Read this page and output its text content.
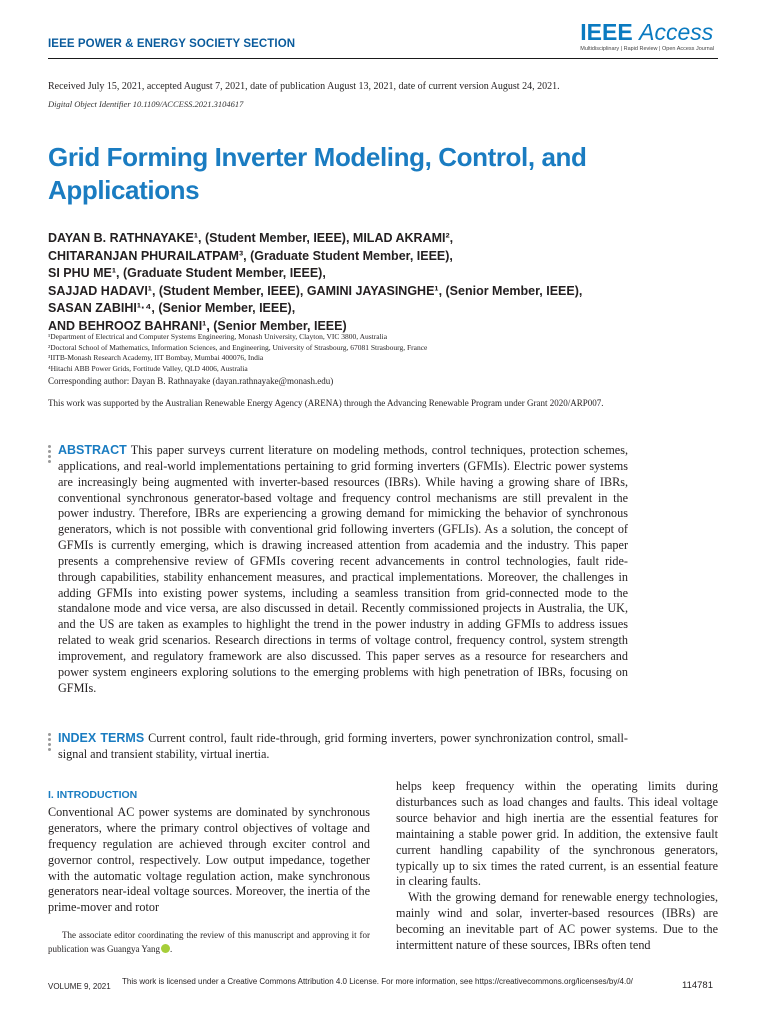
IEEE POWER & ENERGY SOCIETY SECTION	IEEE Access
Multidisciplinary | Rapid Review | Open Access Journal
Received July 15, 2021, accepted August 7, 2021, date of publication August 13, 2021, date of current version August 24, 2021.
Digital Object Identifier 10.1109/ACCESS.2021.3104617
Grid Forming Inverter Modeling, Control, and
Applications
DAYAN B. RATHNAYAKE¹, (Student Member, IEEE), MILAD AKRAMI²,
CHITARANJAN PHURAILATPAM³, (Graduate Student Member, IEEE),
SI PHU ME¹, (Graduate Student Member, IEEE),
SAJJAD HADAVI¹, (Student Member, IEEE), GAMINI JAYASINGHE¹, (Senior Member, IEEE),
SASAN ZABIHI¹·⁴, (Senior Member, IEEE),
AND BEHROOZ BAHRANI¹, (Senior Member, IEEE)
¹Department of Electrical and Computer Systems Engineering, Monash University, Clayton, VIC 3800, Australia
²Doctoral School of Mathematics, Information Sciences, and Engineering, University of Strasbourg, 67081 Strasbourg, France
³IITB-Monash Research Academy, IIT Bombay, Mumbai 400076, India
⁴Hitachi ABB Power Grids, Fortitude Valley, QLD 4006, Australia
Corresponding author: Dayan B. Rathnayake (dayan.rathnayake@monash.edu)
This work was supported by the Australian Renewable Energy Agency (ARENA) through the Advancing Renewable Program under Grant 2020/ARP007.
ABSTRACT This paper surveys current literature on modeling methods, control techniques, protection schemes, applications, and real-world implementations pertaining to grid forming inverters (GFMIs). Electric power systems are increasingly being augmented with inverter-based resources (IBRs). While having a growing share of IBRs, conventional synchronous generator-based voltage and frequency control mechanisms are still prevalent in the power industry. Therefore, IBRs are experiencing a growing demand for mimicking the behavior of synchronous generators, which is not possible with conventional grid following inverters (GFLIs). As a solution, the concept of GFMIs is currently emerging, which is drawing increased attention from academia and the industry. This paper presents a comprehensive review of GFMIs covering recent advancements in control technologies, fault ride-through capabilities, stability enhancement measures, and practical implementations. Moreover, the challenges in adding GFMIs into existing power systems, including a seamless transition from grid-connected mode to the standalone mode and vice versa, are also discussed in detail. Recently commissioned projects in Australia, the UK, and the US are taken as examples to highlight the trend in the power industry in adding GFMIs to address issues related to weak grid scenarios. Research directions in terms of voltage control, frequency control, system strength improvement, and regulatory framework are also discussed. This paper serves as a resource for researchers and power system engineers exploring solutions to the emerging problems with high penetration of IBRs, focusing on GFMIs.
INDEX TERMS Current control, fault ride-through, grid forming inverters, power synchronization control, small-signal and transient stability, virtual inertia.
I. INTRODUCTION

Conventional AC power systems are dominated by synchronous generators, where the primary control objectives of voltage and frequency regulation are achieved through exciter control and governor control, respectively. Low output impedance, together with the automatic voltage regulation action, make synchronous generators near-ideal voltage sources. Moreover, the inertia of the prime-mover and rotor

helps keep frequency within the operating limits during disturbances such as load changes and faults. This ideal voltage source behavior and high inertia are the essential features for maintaining a stable power grid. In addition, the extensive fault current handling capability of the synchronous generators, typically up to six times the rated current, is an essential feature in clearing faults.

With the growing demand for renewable energy technologies, mainly wind and solar, inverter-based resources (IBRs) are becoming an inevitable part of AC power systems. Due to the intermittent nature of these sources, IBRs often tend

The associate editor coordinating the review of this manuscript and approving it for publication was Guangya Yang	iD.

VOLUME 9, 2021
This work is licensed under a Creative Commons Attribution 4.0 License. For more information, see https://creativecommons.org/licenses/by/4.0/	114781
